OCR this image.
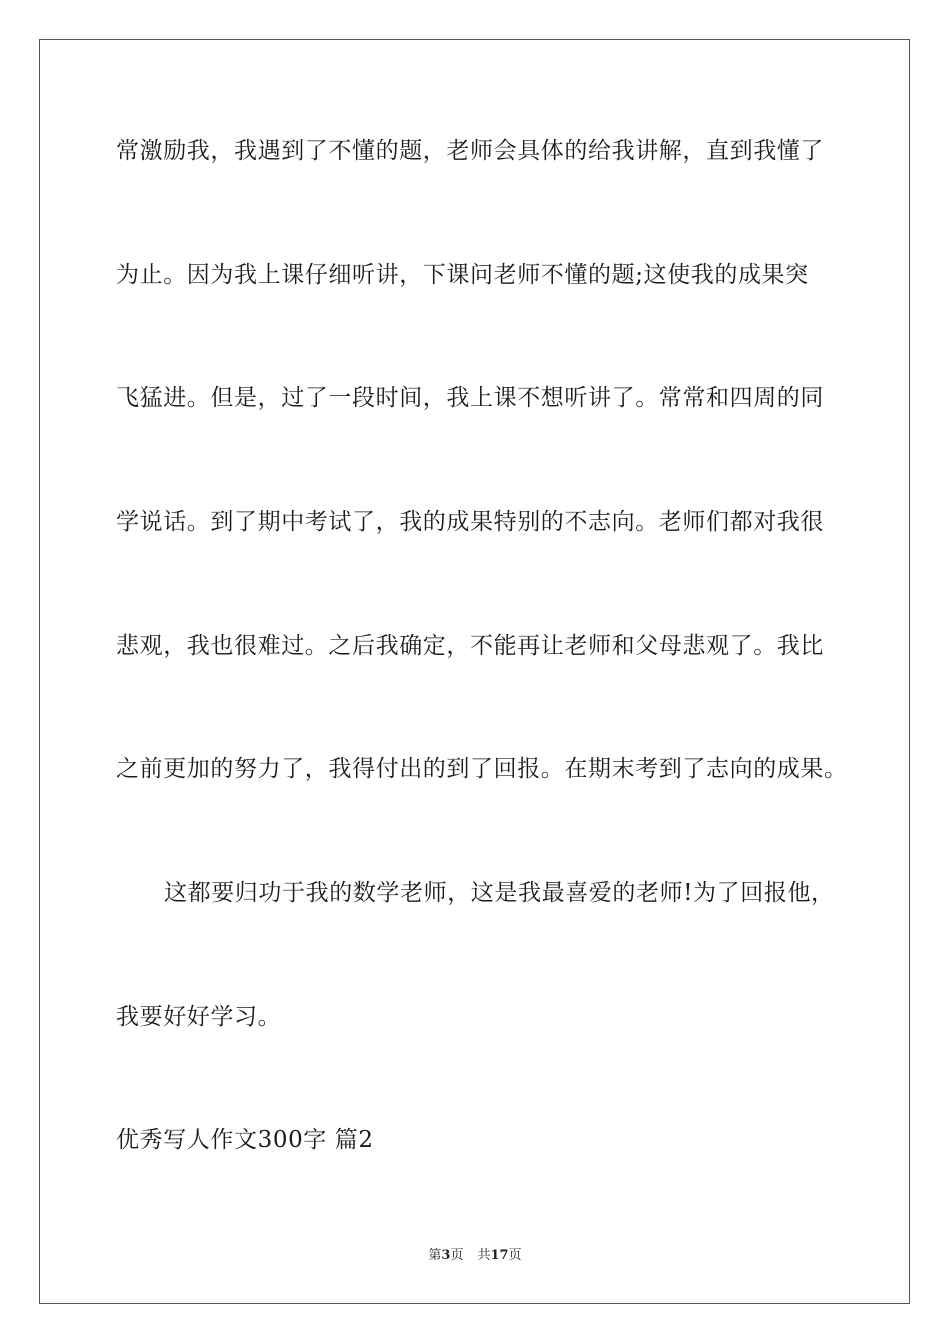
常激励我，我遇到了不懂的题，老师会具体的给我讲解，直到我懂了
为止。因为我上课仔细听讲，下课问老师不懂的题;这使我的成果突
飞猛进。但是，过了一段时间，我上课不想听讲了。常常和四周的同
学说话。到了期中考试了，我的成果特别的不志向。老师们都对我很
悲观，我也很难过。之后我确定，不能再让老师和父母悲观了。我比
之前更加的努力了，我得付出的到了回报。在期末考到了志向的成果。
这都要归功于我的数学老师，这是我最喜爱的老师!为了回报他，
我要好好学习。
优秀写人作文300字 篇2
第3页 共17页
